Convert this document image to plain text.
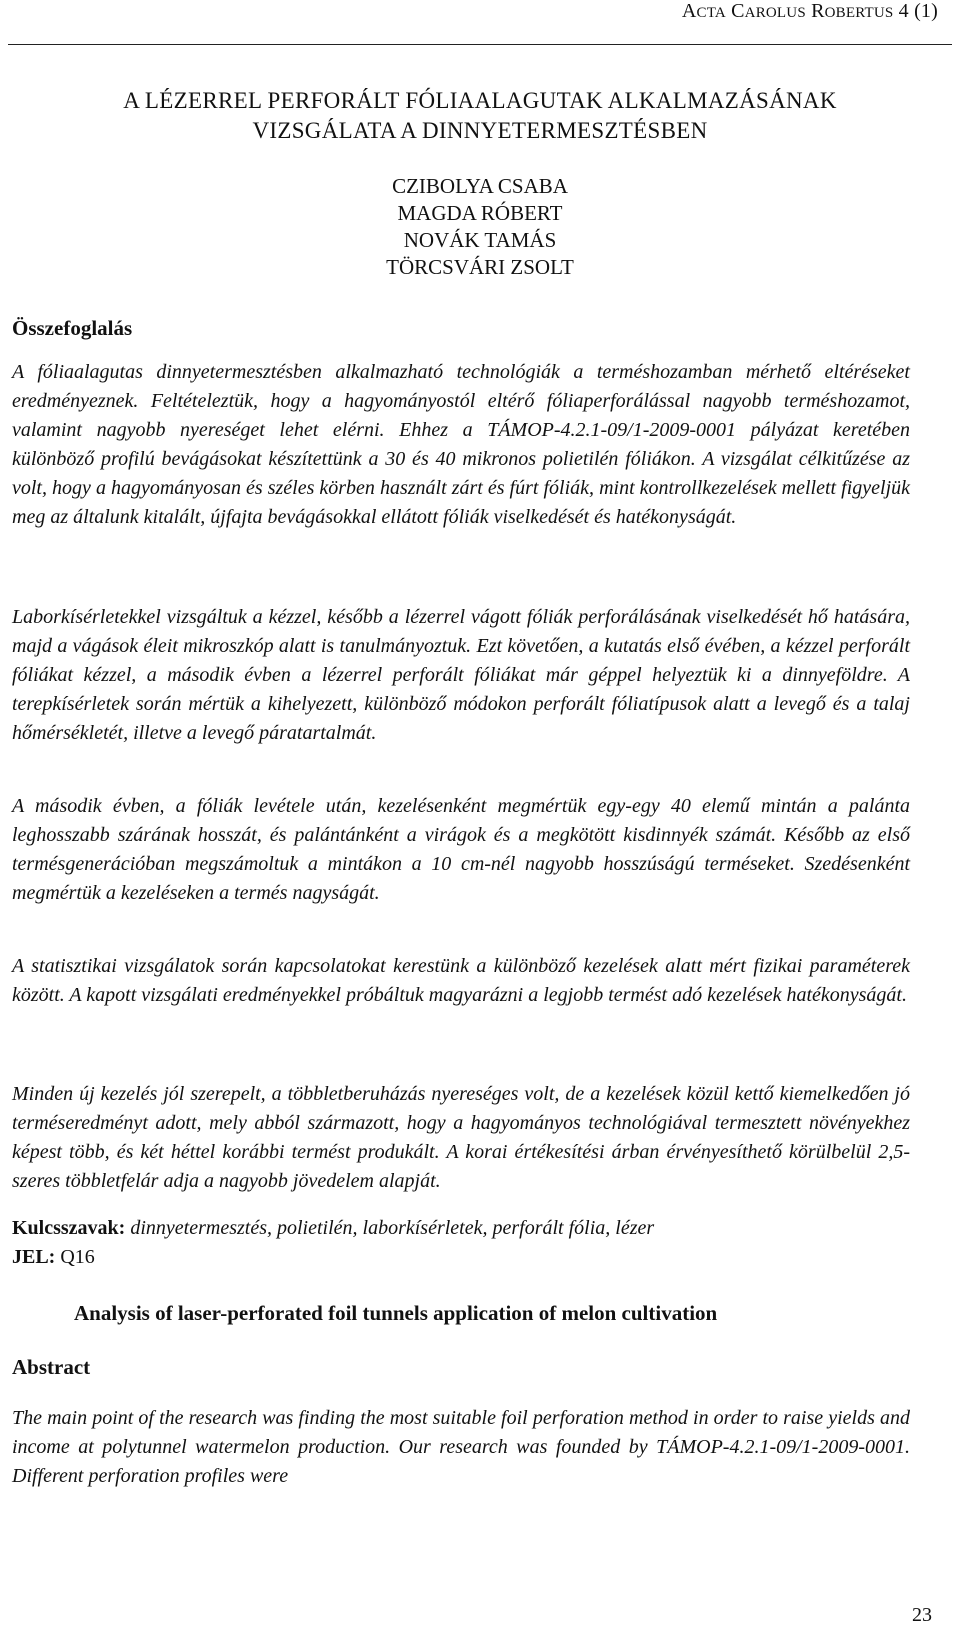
ACTA CAROLUS ROBERTUS 4 (1)
A LÉZERREL PERFORÁLT FÓLIAALAGUTAK ALKALMAZÁSÁNAK
VIZSGÁLATA A DINNYETERMESZTÉSBEN
CZIBOLYA CSABA
MAGDA RÓBERT
NOVÁK TAMÁS
TÖRCSVÁRI ZSOLT
Összefoglalás

A fóliaalagutas dinnyetermesztésben alkalmazható technológiák a terméshozamban mérhető eltéréseket eredményeznek. Feltételeztük, hogy a hagyományostól eltérő fóliaperforálással nagyobb terméshozamot, valamint nagyobb nyereséget lehet elérni. Ehhez a TÁMOP-4.2.1-09/1-2009-0001 pályázat keretében különböző profilú bevágásokat készítettünk a 30 és 40 mikronos polietilén fóliákon. A vizsgálat célkitűzése az volt, hogy a hagyományosan és széles körben használt zárt és fúrt fóliák, mint kontrollkezelések mellett figyeljük meg az általunk kitalált, újfajta bevágásokkal ellátott fóliák viselkedését és hatékonyságát.

Laborkísérletekkel vizsgáltuk a kézzel, később a lézerrel vágott fóliák perforálásának viselkedését hő hatására, majd a vágások éleit mikroszkóp alatt is tanulmányoztuk. Ezt követően, a kutatás első évében, a kézzel perforált fóliákat kézzel, a második évben a lézerrel perforált fóliákat már géppel helyeztük ki a dinnyeföldre. A terepkísérletek során mértük a kihelyezett, különböző módokon perforált fóliatípusok alatt a levegő és a talaj hőmérsékletét, illetve a levegő páratartalmát.

A második évben, a fóliák levétele után, kezelésenként megmértük egy-egy 40 elemű mintán a palánta leghosszabb szárának hosszát, és palántánként a virágok és a megkötött kisdinnyék számát. Később az első termésgenerációban megszámoltuk a mintákon a 10 cm-nél nagyobb hosszúságú terméseket. Szedésenként megmértük a kezeléseken a termés nagyságát.

A statisztikai vizsgálatok során kapcsolatokat kerestünk a különböző kezelések alatt mért fizikai paraméterek között. A kapott vizsgálati eredményekkel próbáltuk magyarázni a legjobb termést adó kezelések hatékonyságát.

Minden új kezelés jól szerepelt, a többletberuházás nyereséges volt, de a kezelések közül kettő kiemelkedően jó terméseredményt adott, mely abból származott, hogy a hagyományos technológiával termesztett növényekhez képest több, és két héttel korábbi termést produkált. A korai értékesítési árban érvényesíthető körülbelül 2,5-szeres többletfelár adja a nagyobb jövedelem alapját.

Kulcsszavak: dinnyetermesztés, polietilén, laborkísérletek, perforált fólia, lézer
JEL: Q16
Analysis of laser-perforated foil tunnels application of melon cultivation
Abstract

The main point of the research was finding the most suitable foil perforation method in order to raise yields and income at polytunnel watermelon production. Our research was founded by TÁMOP-4.2.1-09/1-2009-0001. Different perforation profiles were

23
